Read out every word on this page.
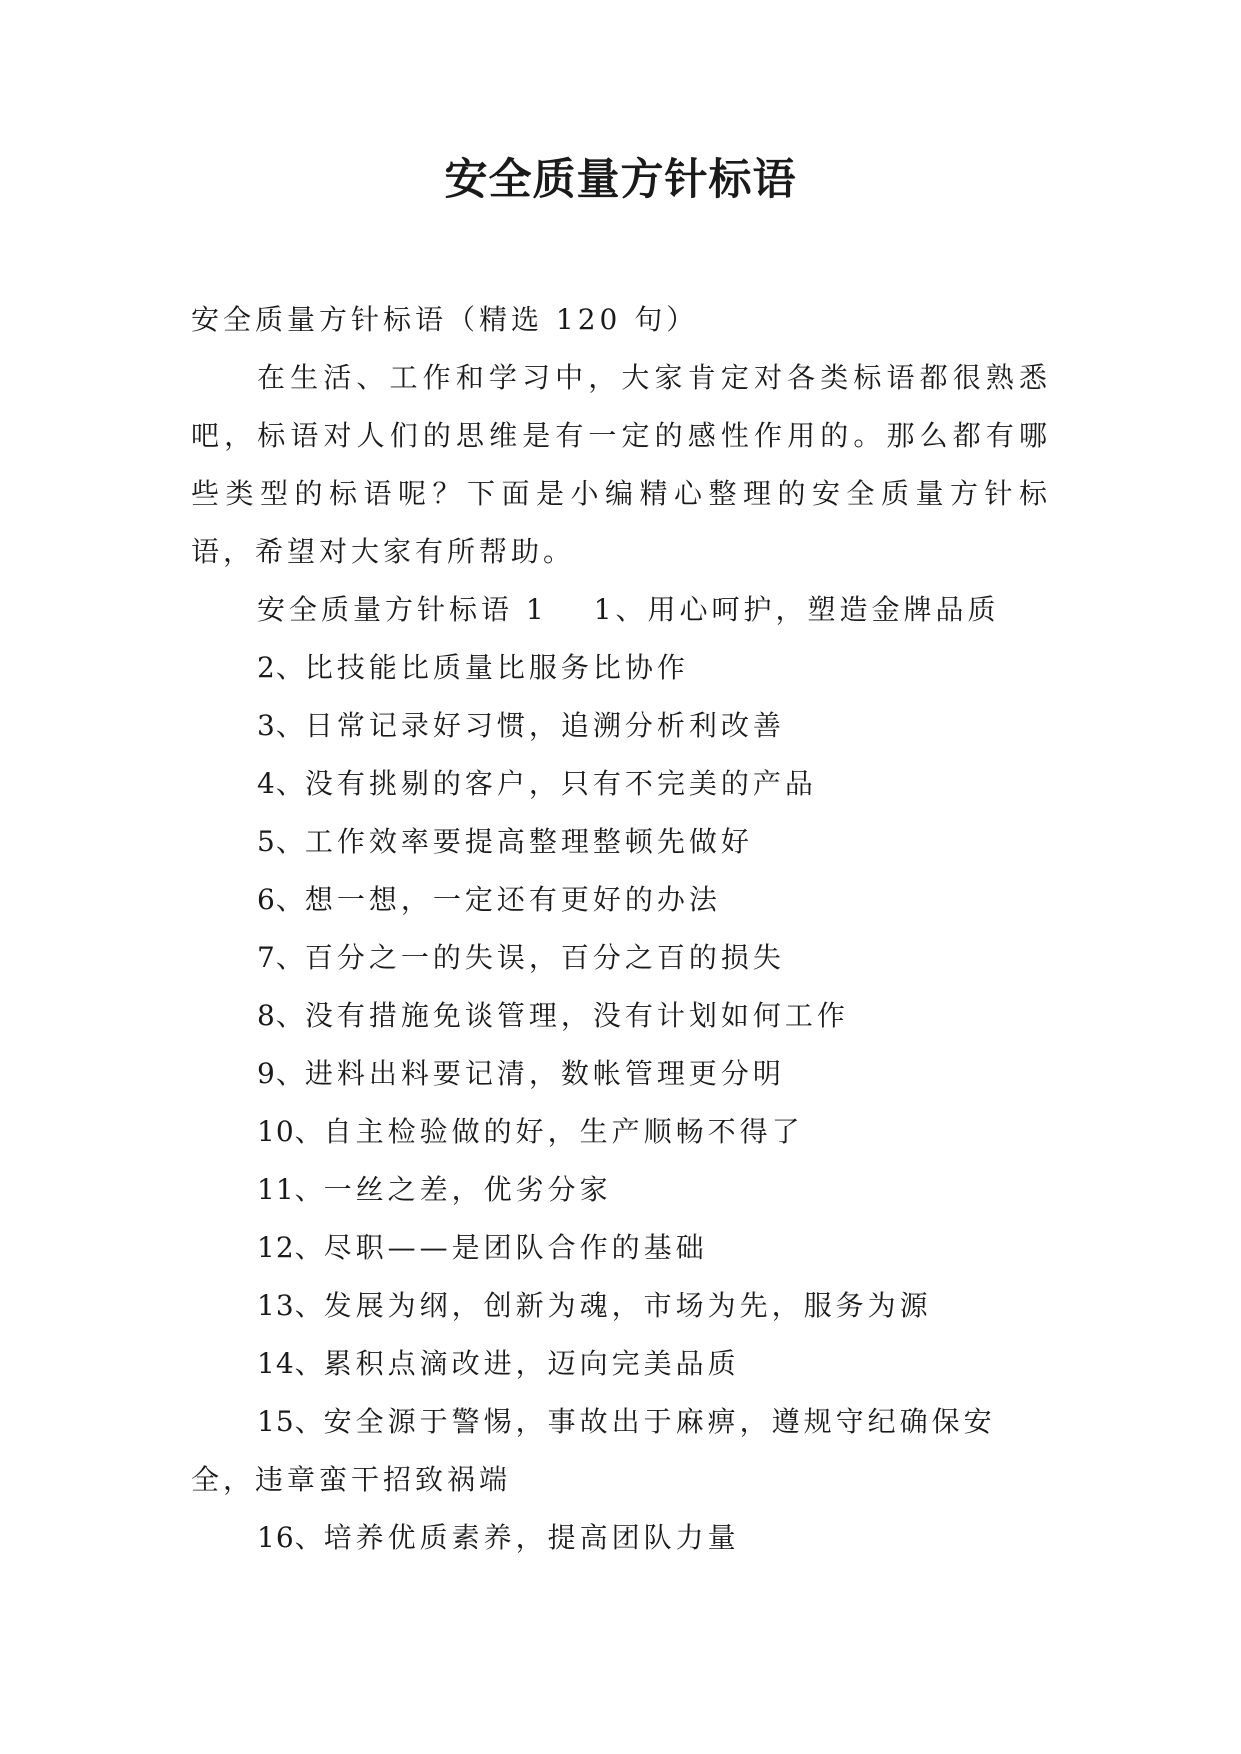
安全质量方针标语

安全质量方针标语（精选 120 句）

在生活、工作和学习中，大家肯定对各类标语都很熟悉吧，标语对人们的思维是有一定的感性作用的。那么都有哪些类型的标语呢？下面是小编精心整理的安全质量方针标语，希望对大家有所帮助。

安全质量方针标语 1 1、用心呵护，塑造金牌品质

2、比技能比质量比服务比协作

3、日常记录好习惯，追溯分析利改善

4、没有挑剔的客户，只有不完美的产品

5、工作效率要提高整理整顿先做好

6、想一想，一定还有更好的办法

7、百分之一的失误，百分之百的损失

8、没有措施免谈管理，没有计划如何工作

9、进料出料要记清，数帐管理更分明

10、自主检验做的好，生产顺畅不得了

11、一丝之差，优劣分家

12、尽职——是团队合作的基础

13、发展为纲，创新为魂，市场为先，服务为源

14、累积点滴改进，迈向完美品质

15、安全源于警惕，事故出于麻痹，遵规守纪确保安全，违章蛮干招致祸端

16、培养优质素养，提高团队力量
